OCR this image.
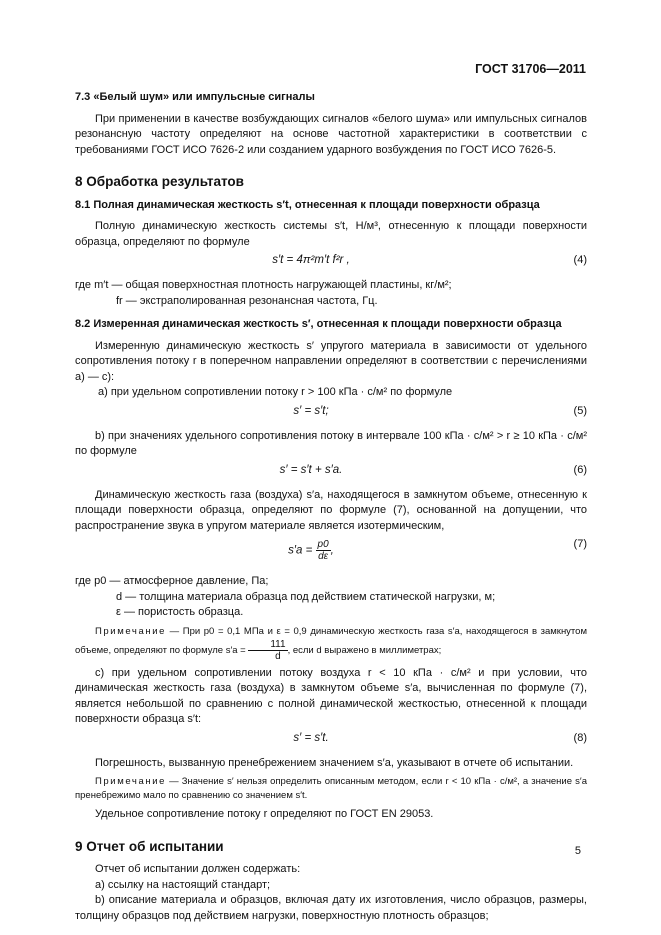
ГОСТ 31706—2011
7.3 «Белый шум» или импульсные сигналы

При применении в качестве возбуждающих сигналов «белого шума» или импульсных сигналов резонансную частоту определяют на основе частотной характеристики в соответствии с требованиями ГОСТ ИСО 7626-2 или созданием ударного возбуждения по ГОСТ ИСО 7626-5.

8 Обработка результатов
8.1 Полная динамическая жесткость s′t, отнесенная к площади поверхности образца

Полную динамическую жесткость системы s′t, Н/м³, отнесенную к площади поверхности образца, определяют по формуле

s′t = 4π²m′t f²r ,	(4)

где m′t — общая поверхностная плотность нагружающей пластины, кг/м²;

fr — экстраполированная резонансная частота, Гц.

8.2 Измеренная динамическая жесткость s′, отнесенная к площади поверхности образца

Измеренную динамическую жесткость s′ упругого материала в зависимости от удельного сопротивления потоку r в поперечном направлении определяют в соответствии с перечислениями а) — с):

а) при удельном сопротивлении потоку r > 100 кПа · с/м² по формуле

s′ = s′t;	(5)

b) при значениях удельного сопротивления потоку в интервале 100 кПа · с/м² > r ≥ 10 кПа · с/м² по формуле

s′ = s′t + s′a.	(6)

Динамическую жесткость газа (воздуха) s′a, находящегося в замкнутом объеме, отнесенную к площади поверхности образца, определяют по формуле (7), основанной на допущении, что распространение звука в упругом материале является изотермическим,

$s'a = \frac{p0}{d\varepsilon}$ ,
(7)

где p0 — атмосферное давление, Па;

d — толщина материала образца под действием статической нагрузки, м;

ε — пористость образца.

Примечание — При p0 = 0,1 МПа и ε = 0,9 динамическую жесткость газа s′a, находящегося в замкнутом объеме, определяют по формуле $s'a = \frac{111}{d}$ , если d выражено в миллиметрах;

с) при удельном сопротивлении потоку воздуха r < 10 кПа · с/м² и при условии, что динамическая жесткость газа (воздуха) в замкнутом объеме s′a, вычисленная по формуле (7), является небольшой по сравнению с полной динамической жесткостью, отнесенной к площади поверхности образца s′t:

s′ = s′t.	(8)

Погрешность, вызванную пренебрежением значением s′a, указывают в отчете об испытании.

Примечание — Значение s′ нельзя определить описанным методом, если r < 10 кПа · с/м², а значение s′a пренебрежимо мало по сравнению со значением s′t.

Удельное сопротивление потоку r определяют по ГОСТ EN 29053.

9 Отчет об испытании

Отчет об испытании должен содержать:

а) ссылку на настоящий стандарт;

b) описание материала и образцов, включая дату их изготовления, число образцов, размеры, толщину образцов под действием нагрузки, поверхностную плотность образцов;

5
